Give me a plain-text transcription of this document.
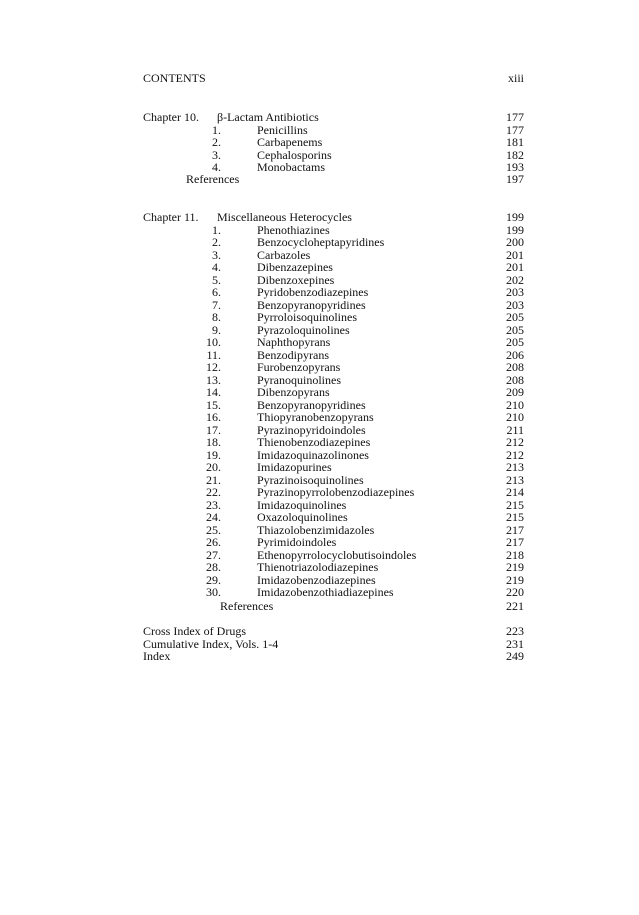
CONTENTS	xiii
Chapter 10. β-Lactam Antibiotics	177
1.	Penicillins	177
2.	Carbapenems	181
3.	Cephalosporins	182
4.	Monobactams	193
References	197
Chapter 11. Miscellaneous Heterocycles	199
1.	Phenothiazines	199
2.	Benzocycloheptapyridines	200
3.	Carbazoles	201
4.	Dibenzazepines	201
5.	Dibenzoxepines	202
6.	Pyridobenzodiazepines	203
7.	Benzopyranopyridines	203
8.	Pyrroloisoquinolines	205
9.	Pyrazoloquinolines	205
10.	Naphthopyrans	205
11.	Benzodipyrans	206
12.	Furobenzopyrans	208
13.	Pyranoquinolines	208
14.	Dibenzopyrans	209
15.	Benzopyranopyridines	210
16.	Thiopyranobenzopyrans	210
17.	Pyrazinopyridoindoles	211
18.	Thienobenzodiazepines	212
19.	Imidazoquinazolinones	212
20.	Imidazopurines	213
21.	Pyrazinoisoquinolines	213
22.	Pyrazinopyrrolobenzodiazepines	214
23.	Imidazoquinolines	215
24.	Oxazoloquinolines	215
25.	Thiazolobenzimidazoles	217
26.	Pyrimidoindoles	217
27.	Ethenopyrrolocyclobutisoindoles	218
28.	Thienotriazolodiazepines	219
29.	Imidazobenzodiazepines	219
30.	Imidazobenzothiadiazepines	220
References	221
Cross Index of Drugs	223
Cumulative Index, Vols. 1-4	231
Index	249
